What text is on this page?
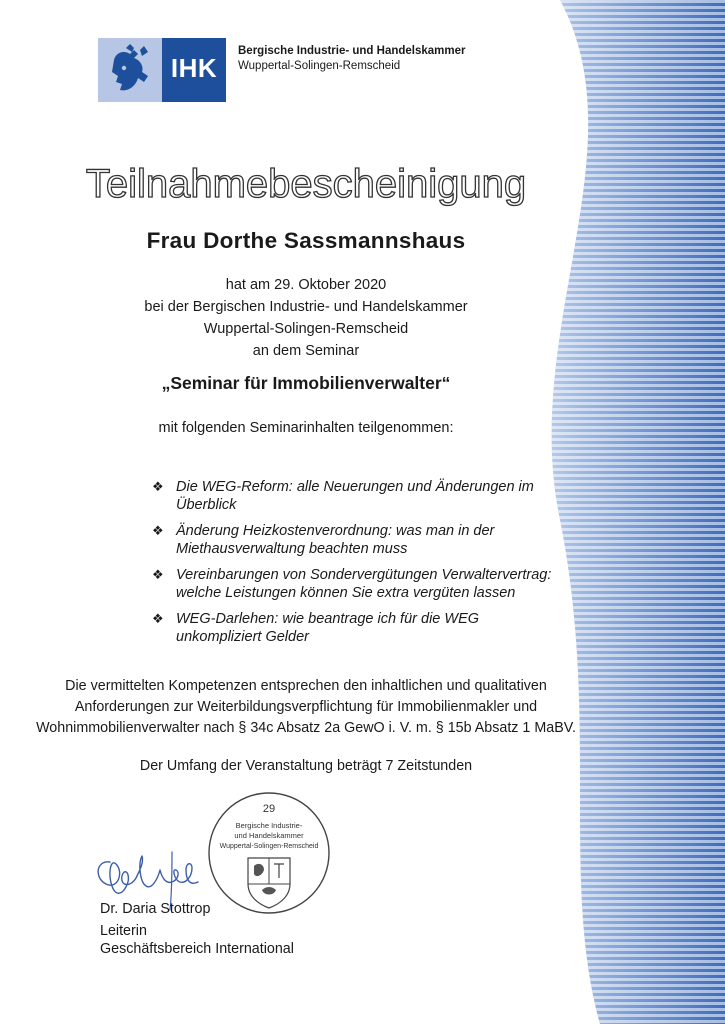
IHK
Bergische Industrie- und Handelskammer
Wuppertal-Solingen-Remscheid
Teilnahmebescheinigung
Frau Dorthe Sassmannshaus
hat am 29. Oktober 2020
bei der Bergischen Industrie- und Handelskammer
Wuppertal-Solingen-Remscheid
an dem Seminar
„Seminar für Immobilienverwalter“
mit folgenden Seminarinhalten teilgenommen:
❖ Die WEG-Reform: alle Neuerungen und Änderungen im
Überblick
❖ Änderung Heizkostenverordnung: was man in der
Miethausverwaltung beachten muss
❖ Vereinbarungen von Sondervergütungen Verwaltervertrag:
welche Leistungen können Sie extra vergüten lassen
❖ WEG-Darlehen: wie beantrage ich für die WEG
unkompliziert Gelder
Die vermittelten Kompetenzen entsprechen den inhaltlichen und qualitativen
Anforderungen zur Weiterbildungsverpflichtung für Immobilienmakler und
Wohnimmobilienverwalter nach § 34c Absatz 2a GewO i. V. m. § 15b Absatz 1 MaBV.
Der Umfang der Veranstaltung beträgt 7 Zeitstunden
29
Bergische Industrie-
und Handelskammer
Wuppertal-Solingen-Remscheid
Dr. Daria Stottrop
Leiterin
Geschäftsbereich International
